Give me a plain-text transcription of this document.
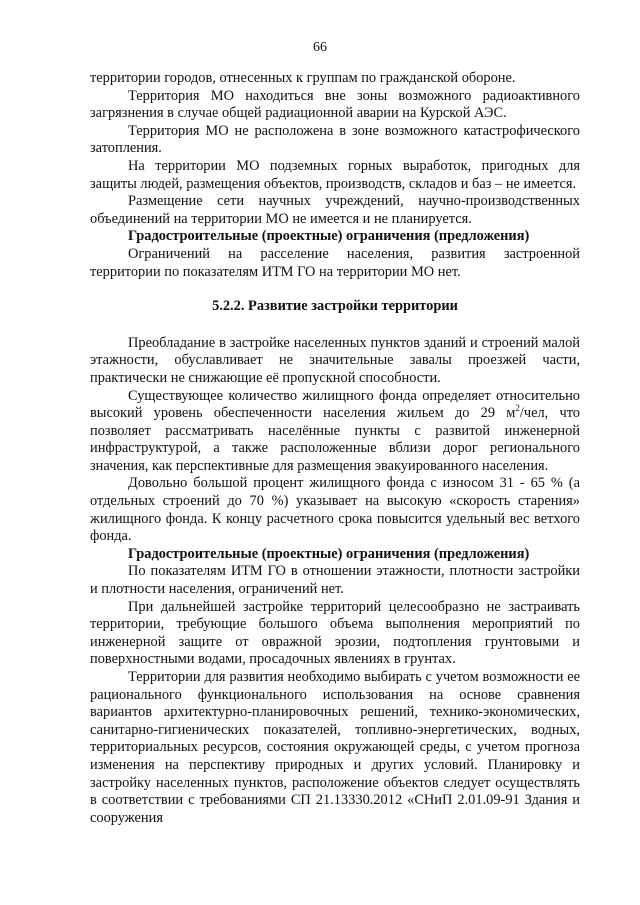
66

территории городов, отнесенных к группам по гражданской обороне.

Территория МО находиться вне зоны возможного радиоактивного загрязнения в случае общей радиационной аварии на Курской АЭС.

Территория МО не расположена в зоне возможного катастрофического затопления.

На территории МО подземных горных выработок, пригодных для защиты людей, размещения объектов, производств, складов и баз – не имеется.

Размещение сети научных учреждений, научно-производственных объединений на территории МО не имеется и не планируется.

Градостроительные (проектные) ограничения (предложения)

Ограничений на расселение населения, развития застроенной территории по показателям ИТМ ГО на территории МО нет.

5.2.2. Развитие застройки территории

Преобладание в застройке населенных пунктов зданий и строений малой этажности, обуславливает не значительные завалы проезжей части, практически не снижающие её пропускной способности.

Существующее количество жилищного фонда определяет относительно высокий уровень обеспеченности населения жильем до 29 $м^2$/чел, что позволяет рассматривать населённые пункты с развитой инженерной инфраструктурой, а также расположенные вблизи дорог регионального значения, как перспективные для размещения эвакуированного населения.

Довольно большой процент жилищного фонда с износом 31 - 65 % (а отдельных строений до 70 %) указывает на высокую «скорость старения» жилищного фонда. К концу расчетного срока повысится удельный вес ветхого фонда.

Градостроительные (проектные) ограничения (предложения)

По показателям ИТМ ГО в отношении этажности, плотности застройки и плотности населения, ограничений нет.

При дальнейшей застройке территорий целесообразно не застраивать территории, требующие большого объема выполнения мероприятий по инженерной защите от овражной эрозии, подтопления грунтовыми и поверхностными водами, просадочных явлениях в грунтах.

Территории для развития необходимо выбирать с учетом возможности ее рационального функционального использования на основе сравнения вариантов архитектурно-планировочных решений, технико-экономических, санитарно-гигиенических показателей, топливно-энергетических, водных, территориальных ресурсов, состояния окружающей среды, с учетом прогноза изменения на перспективу природных и других условий. Планировку и застройку населенных пунктов, расположение объектов следует осуществлять в соответствии с требованиями СП 21.13330.2012 «СНиП 2.01.09-91 Здания и сооружения
